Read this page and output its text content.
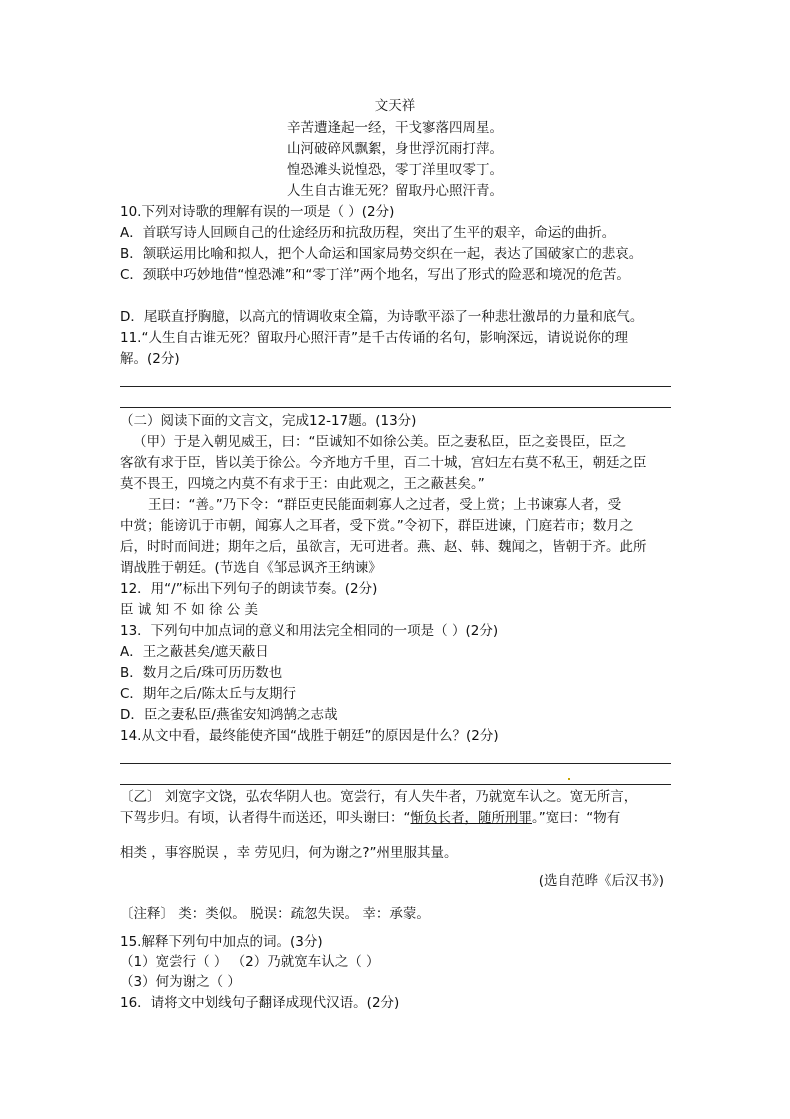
文天祥
辛苦遭逢起一经，干戈寥落四周星。
山河破碎风飘絮，身世浮沉雨打萍。
惶恐滩头说惶恐，零丁洋里叹零丁。
人生自古谁无死？留取丹心照汗青。
10.下列对诗歌的理解有误的一项是（ ）(2分)
A．首联写诗人回顾自己的仕途经历和抗敌历程，突出了生平的艰辛，命运的曲折。
B．颔联运用比喻和拟人，把个人命运和国家局势交织在一起，表达了国破家亡的悲哀。
C．颈联中巧妙地借“惶恐滩”和“零丁洋”两个地名，写出了形式的险恶和境况的危苦。
D．尾联直抒胸臆，以高亢的情调收束全篇，为诗歌平添了一种悲壮激昂的力量和底气。
11.“人生自古谁无死？留取丹心照汗青”是千古传诵的名句，影响深远，请说说你的理
解。(2分)
（二）阅读下面的文言文，完成12-17题。(13分)
（甲）于是入朝见威王，曰：“臣诚知不如徐公美。臣之妻私臣，臣之妾畏臣，臣之
客欲有求于臣，皆以美于徐公。今齐地方千里，百二十城，宫妇左右莫不私王，朝廷之臣
莫不畏王，四境之内莫不有求于王：由此观之，王之蔽甚矣。”
王曰：“善。”乃下令：“群臣吏民能面刺寡人之过者，受上赏；上书谏寡人者，受
中赏；能谤讥于市朝，闻寡人之耳者，受下赏。”令初下，群臣进谏，门庭若市；数月之
后，时时而间进；期年之后，虽欲言，无可进者。燕、赵、韩、魏闻之，皆朝于齐。此所
谓战胜于朝廷。(节选自《邹忌讽齐王纳谏》
12．用“/”标出下列句子的朗读节奏。(2分)
臣 诚 知 不 如 徐 公 美
13．下列句中加点词的意义和用法完全相同的一项是（ ）(2分)
A．王之蔽甚矣/遮天蔽日
B．数月之后/珠可历历数也
C．期年之后/陈太丘与友期行
D．臣之妻私臣/燕雀安知鸿鹄之志哉
14.从文中看，最终能使齐国“战胜于朝廷”的原因是什么？(2分)
〔乙〕 刘宽字文饶，弘农华阴人也。宽尝行，有人失牛者，乃就宽车认之。宽无所言，
下驾步归。有顷，认者得牛而送还，叩头谢曰：“惭负长者，随所刑罪。”宽曰：“物有
相类 ，事容脱误 ，幸 劳见归，何为谢之?”州里服其量。
(选自范晔《后汉书》)
〔注释〕 类：类似。 脱误：疏忽失误。 幸：承蒙。
15.解释下列句中加点的词。(3分)
（1）宽尝行（ ） （2）乃就宽车认之（ ）
（3）何为谢之（ ）
16．请将文中划线句子翻译成现代汉语。(2分)
